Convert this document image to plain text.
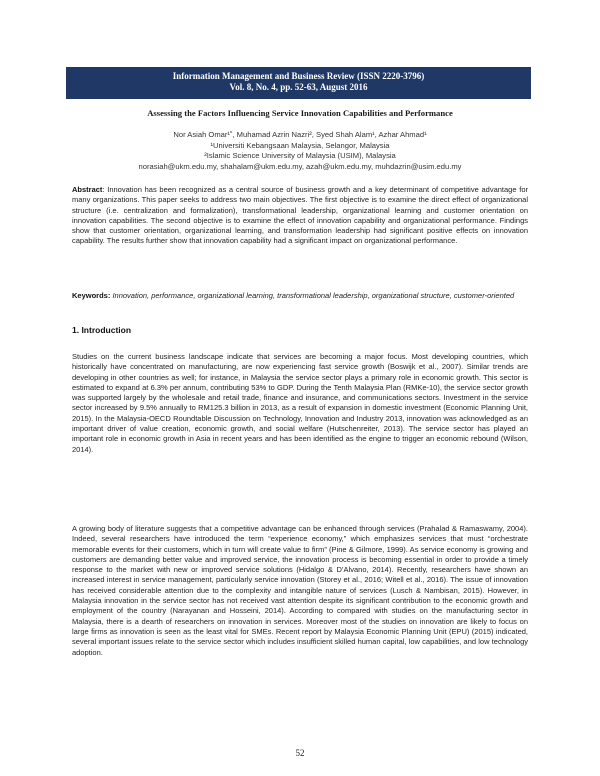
Information Management and Business Review (ISSN 2220-3796)
Vol. 8, No. 4, pp. 52-63, August 2016
Assessing the Factors Influencing Service Innovation Capabilities and Performance
Nor Asiah Omar¹˚, Muhamad Azrin Nazri², Syed Shah Alam¹, Azhar Ahmad¹
¹Universiti Kebangsaan Malaysia, Selangor, Malaysia
²Islamic Science University of Malaysia (USIM), Malaysia
norasiah@ukm.edu.my, shahalam@ukm.edu.my, azah@ukm.edu.my, muhdazrin@usim.edu.my
Abstract: Innovation has been recognized as a central source of business growth and a key determinant of competitive advantage for many organizations. This paper seeks to address two main objectives. The first objective is to examine the direct effect of organizational structure (i.e. centralization and formalization), transformational leadership, organizational learning and customer orientation on innovation capabilities. The second objective is to examine the effect of innovation capability and organizational performance. Findings show that customer orientation, organizational learning, and transformation leadership had significant positive effects on innovation capability. The results further show that innovation capability had a significant impact on organizational performance.
Keywords: Innovation, performance, organizational learning, transformational leadership, organizational structure, customer-oriented
1. Introduction
Studies on the current business landscape indicate that services are becoming a major focus. Most developing countries, which historically have concentrated on manufacturing, are now experiencing fast service growth (Boswijk et al., 2007). Similar trends are developing in other countries as well; for instance, in Malaysia the service sector plays a primary role in economic growth. This sector is estimated to expand at 6.3% per annum, contributing 53% to GDP. During the Tenth Malaysia Plan (RMKe-10), the service sector growth was supported largely by the wholesale and retail trade, finance and insurance, and communications sectors. Investment in the service sector increased by 9.5% annually to RM125.3 billion in 2013, as a result of expansion in domestic investment (Economic Planning Unit, 2015). In the Malaysia-OECD Roundtable Discussion on Technology, Innovation and Industry 2013, innovation was acknowledged as an important driver of value creation, economic growth, and social welfare (Hutschenreiter, 2013). The service sector has played an important role in economic growth in Asia in recent years and has been identified as the engine to trigger an economic rebound (Wilson, 2014).
A growing body of literature suggests that a competitive advantage can be enhanced through services (Prahalad & Ramaswamy, 2004). Indeed, several researchers have introduced the term “experience economy,” which emphasizes services that must “orchestrate memorable events for their customers, which in turn will create value to firm” (Pine & Gilmore, 1999). As service economy is growing and customers are demanding better value and improved service, the innovation process is becoming essential in order to provide a timely response to the market with new or improved service solutions (Hidalgo & D’Alvano, 2014). Recently, researchers have shown an increased interest in service management, particularly service innovation (Storey et al., 2016; Witell et al., 2016). The issue of innovation has received considerable attention due to the complexity and intangible nature of services (Lusch & Nambisan, 2015). However, in Malaysia innovation in the service sector has not received vast attention despite its significant contribution to the economic growth and employment of the country (Narayanan and Hosseini, 2014). According to compared with studies on the manufacturing sector in Malaysia, there is a dearth of researchers on innovation in services. Moreover most of the studies on innovation are likely to focus on large firms as innovation is seen as the least vital for SMEs. Recent report by Malaysia Economic Planning Unit (EPU) (2015) indicated, several important issues relate to the service sector which includes insufficient skilled human capital, low capabilities, and low technology adoption.
52
